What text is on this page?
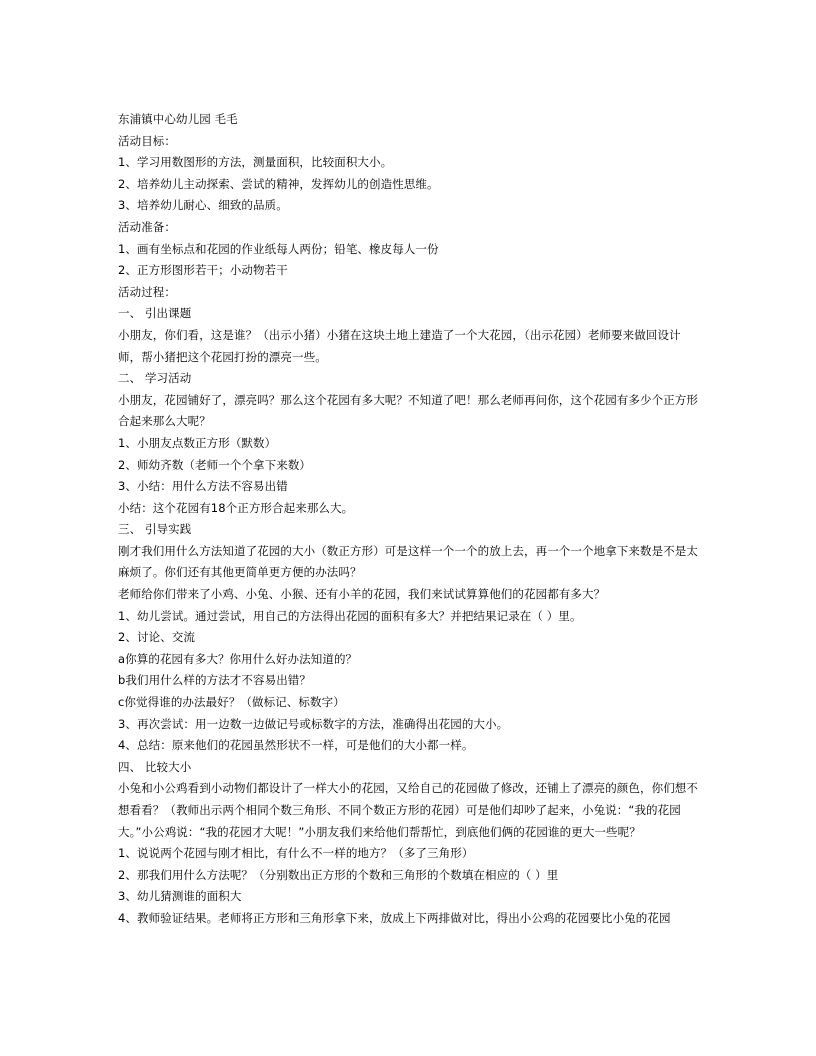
东浦镇中心幼儿园 毛毛
活动目标：
1、学习用数图形的方法，测量面积，比较面积大小。
2、培养幼儿主动探索、尝试的精神，发挥幼儿的创造性思维。
3、培养幼儿耐心、细致的品质。
活动准备：
1、画有坐标点和花园的作业纸每人两份；铅笔、橡皮每人一份
2、正方形图形若干；小动物若干
活动过程：
一、 引出课题
小朋友，你们看，这是谁？（出示小猪）小猪在这块土地上建造了一个大花园，（出示花园）老师要来做回设计师，帮小猪把这个花园打扮的漂亮一些。
二、 学习活动
小朋友，花园铺好了，漂亮吗？那么这个花园有多大呢？不知道了吧！那么老师再问你，这个花园有多少个正方形合起来那么大呢？
1、小朋友点数正方形（默数）
2、师幼齐数（老师一个个拿下来数）
3、小结：用什么方法不容易出错
小结：这个花园有18个正方形合起来那么大。
三、 引导实践
刚才我们用什么方法知道了花园的大小（数正方形）可是这样一个一个的放上去，再一个一个地拿下来数是不是太麻烦了。你们还有其他更简单更方便的办法吗？
老师给你们带来了小鸡、小兔、小猴、还有小羊的花园，我们来试试算算他们的花园都有多大？
1、幼儿尝试。通过尝试，用自己的方法得出花园的面积有多大？并把结果记录在（ ）里。
2、讨论、交流
a你算的花园有多大？你用什么好办法知道的？
b我们用什么样的方法才不容易出错？
c你觉得谁的办法最好？（做标记、标数字）
3、再次尝试：用一边数一边做记号或标数字的方法，准确得出花园的大小。
4、总结：原来他们的花园虽然形状不一样，可是他们的大小都一样。
四、 比较大小
小兔和小公鸡看到小动物们都设计了一样大小的花园，又给自己的花园做了修改，还铺上了漂亮的颜色，你们想不想看看？（教师出示两个相同个数三角形、不同个数正方形的花园）可是他们却吵了起来，小兔说：“我的花园大。”小公鸡说：“我的花园才大呢！”小朋友我们来给他们帮帮忙，到底他们俩的花园谁的更大一些呢？
1、说说两个花园与刚才相比，有什么不一样的地方？（多了三角形）
2、那我们用什么方法呢？（分别数出正方形的个数和三角形的个数填在相应的（ ）里
3、幼儿猜测谁的面积大
4、教师验证结果。老师将正方形和三角形拿下来，放成上下两排做对比，得出小公鸡的花园要比小兔的花园
